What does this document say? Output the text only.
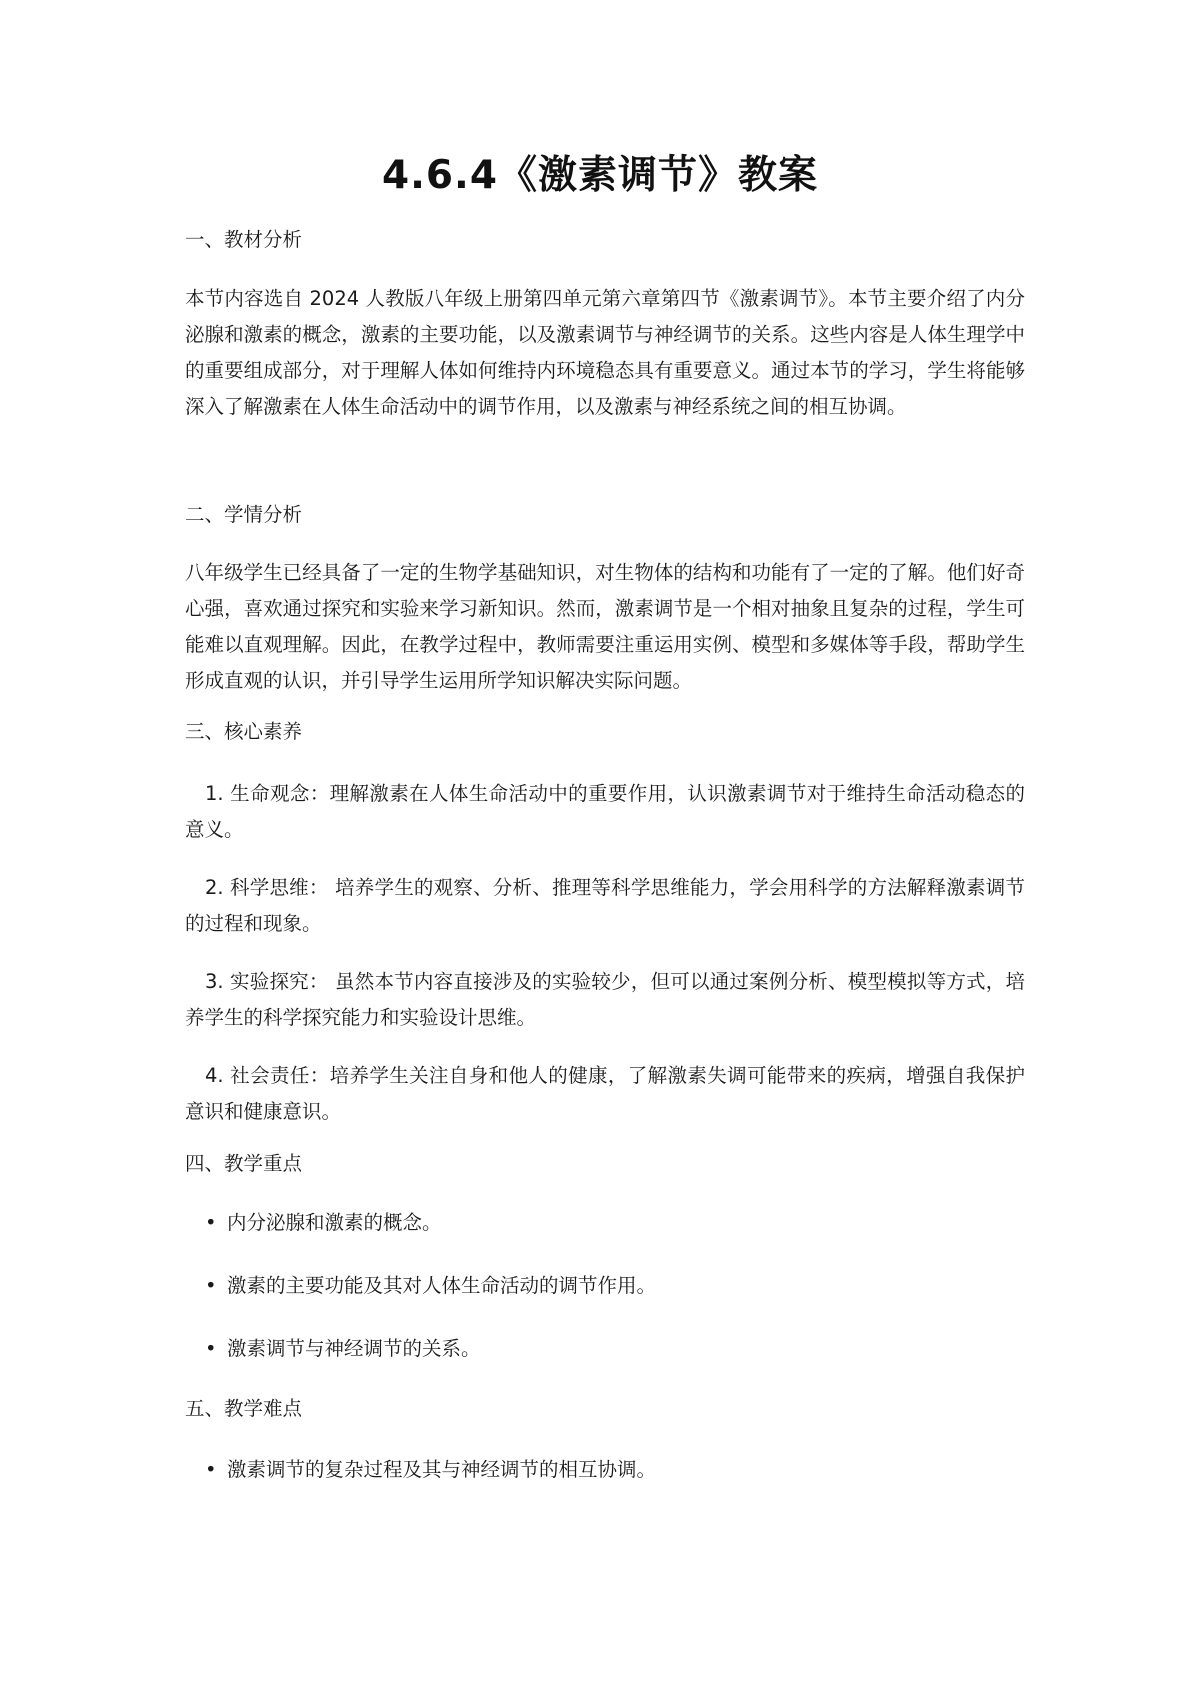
4.6.4《激素调节》教案
一、教材分析
本节内容选自 2024 人教版八年级上册第四单元第六章第四节《激素调节》。本节主要介绍了内分泌腺和激素的概念，激素的主要功能，以及激素调节与神经调节的关系。这些内容是人体生理学中的重要组成部分，对于理解人体如何维持内环境稳态具有重要意义。通过本节的学习，学生将能够深入了解激素在人体生命活动中的调节作用，以及激素与神经系统之间的相互协调。
二、学情分析
八年级学生已经具备了一定的生物学基础知识，对生物体的结构和功能有了一定的了解。他们好奇心强，喜欢通过探究和实验来学习新知识。然而，激素调节是一个相对抽象且复杂的过程，学生可能难以直观理解。因此，在教学过程中，教师需要注重运用实例、模型和多媒体等手段，帮助学生形成直观的认识，并引导学生运用所学知识解决实际问题。
三、核心素养
1. 生命观念：理解激素在人体生命活动中的重要作用，认识激素调节对于维持生命活动稳态的意义。
2. 科学思维： 培养学生的观察、分析、推理等科学思维能力，学会用科学的方法解释激素调节的过程和现象。
3. 实验探究： 虽然本节内容直接涉及的实验较少，但可以通过案例分析、模型模拟等方式，培养学生的科学探究能力和实验设计思维。
4. 社会责任：培养学生关注自身和他人的健康，了解激素失调可能带来的疾病，增强自我保护意识和健康意识。
四、教学重点
• 内分泌腺和激素的概念。
• 激素的主要功能及其对人体生命活动的调节作用。
• 激素调节与神经调节的关系。
五、教学难点
• 激素调节的复杂过程及其与神经调节的相互协调。
